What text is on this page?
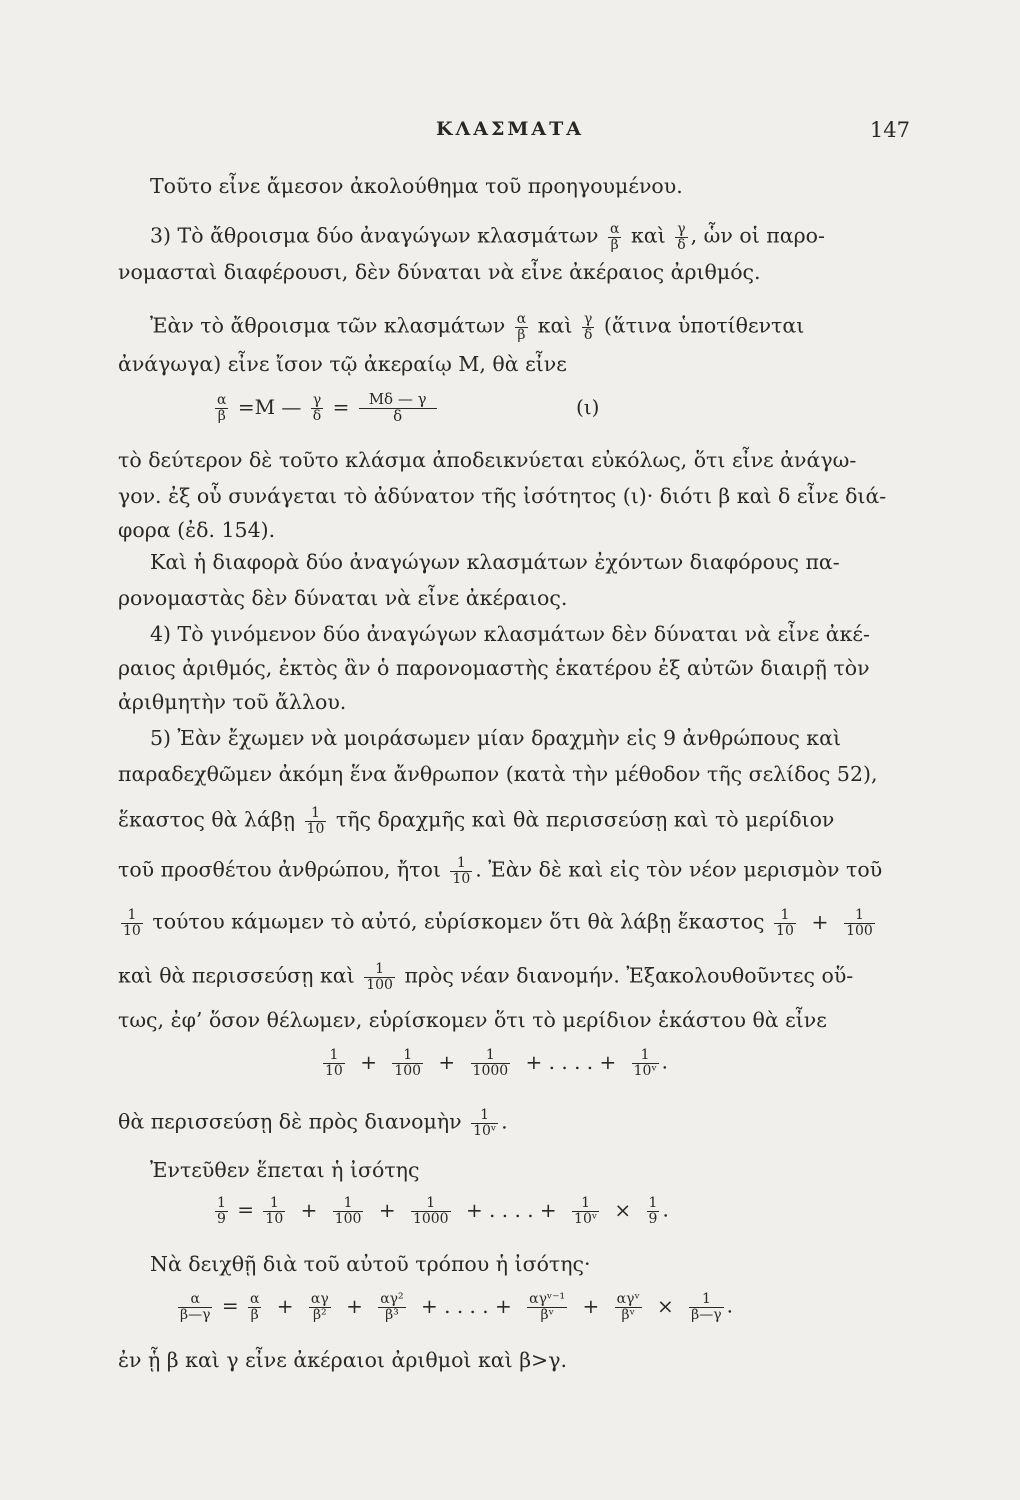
ΚΛΑΣΜΑΤΑ	147
Τοῦτο εἶνε ἄμεσον ἀκολούθημα τοῦ προηγουμένου.
3) Τὸ ἄθροισμα δύο ἀναγώγων κλασμάτων $\frac{\alpha}{\beta}$ καὶ $\frac{\gamma}{\delta}$ , ὧν οἱ παρο-
νομασταὶ διαφέρουσι, δὲν δύναται νὰ εἶνε ἀκέραιος ἀριθμός.
Ἐὰν τὸ ἄθροισμα τῶν κλασμάτων $\frac{\alpha}{\beta}$ καὶ $\frac{\gamma}{\delta}$ (ἅτινα ὑποτίθενται
ἀνάγωγα) εἶνε ἴσον τῷ ἀκεραίῳ Μ, θὰ εἶνε
$\frac{\alpha}{\beta} =M$ — $\frac{\gamma}{\delta} = \frac{M\delta — \gamma}{\delta}$	(ι)
τὸ δεύτερον δὲ τοῦτο κλάσμα ἀποδεικνύεται εὐκόλως, ὅτι εἶνε ἀνάγω-
γον. ἐξ οὗ συνάγεται τὸ ἀδύνατον τῆς ἰσότητος (ι)· διότι β καὶ δ εἶνε διά-
φορα (ἐδ. 154).
Καὶ ἡ διαφορὰ δύο ἀναγώγων κλασμάτων ἐχόντων διαφόρους πα-
ρονομαστὰς δὲν δύναται νὰ εἶνε ἀκέραιος.
4) Τὸ γινόμενον δύο ἀναγώγων κλασμάτων δὲν δύναται νὰ εἶνε ἀκέ-
ραιος ἀριθμός, ἐκτὸς ἂν ὁ παρονομαστὴς ἑκατέρου ἐξ αὐτῶν διαιρῇ τὸν
ἀριθμητὴν τοῦ ἄλλου.
5) Ἐὰν ἔχωμεν νὰ μοιράσωμεν μίαν δραχμὴν εἰς 9 ἀνθρώπους καὶ
παραδεχθῶμεν ἀκόμη ἕνα ἄνθρωπον (κατὰ τὴν μέθοδον τῆς σελίδος 52),
ἕκαστος θὰ λάβῃ $\frac{1}{10}$ τῆς δραχμῆς καὶ θὰ περισσεύσῃ καὶ τὸ μερίδιον
τοῦ προσθέτου ἀνθρώπου, ἤτοι $\frac{1}{10}$ . Ἐὰν δὲ καὶ εἰς τὸν νέον μερισμὸν τοῦ
$\frac{1}{10}$ τούτου κάμωμεν τὸ αὐτό, εὑρίσκομεν ὅτι θὰ λάβῃ ἕκαστος $\frac{1}{10} + \frac{1}{100}$
καὶ θὰ περισσεύσῃ καὶ $\frac{1}{100}$ πρὸς νέαν διανομήν. Ἐξακολουθοῦντες οὕ-
τως, ἐφ’ ὅσον θέλωμεν, εὑρίσκομεν ὅτι τὸ μερίδιον ἑκάστου θὰ εἶνε
$\frac{1}{10} + \frac{1}{100} + \frac{1}{1000}$ + . . . . + $\frac{1}{\text{10ᵛ}}$ .
θὰ περισσεύσῃ δὲ πρὸς διανομὴν $\frac{1}{\text{10ᵛ}}$ .
Ἐντεῦθεν ἕπεται ἡ ἰσότης
$\frac{1}{9} = \frac{1}{10} + \frac{1}{100} + \frac{1}{1000}$ + . . . . + $\frac{1}{\text{10ᵛ}} \times \frac{1}{9}$ .
Νὰ δειχθῇ διὰ τοῦ αὐτοῦ τρόπου ἡ ἰσότης·
$\frac{\alpha}{\beta—\gamma} = \frac{\alpha}{\beta} + \frac{\alpha\gamma}{\text{β²}} + \frac{\text{αγ²}}{\text{β³}}$ + . . . . + $\frac{\text{αγᵛ⁻¹}}{\text{βᵛ}} + \frac{\text{αγᵛ}}{\text{βᵛ}} \times \frac{1}{\beta—\gamma}$ .
ἐν ᾗ β καὶ γ εἶνε ἀκέραιοι ἀριθμοὶ καὶ β>γ.
